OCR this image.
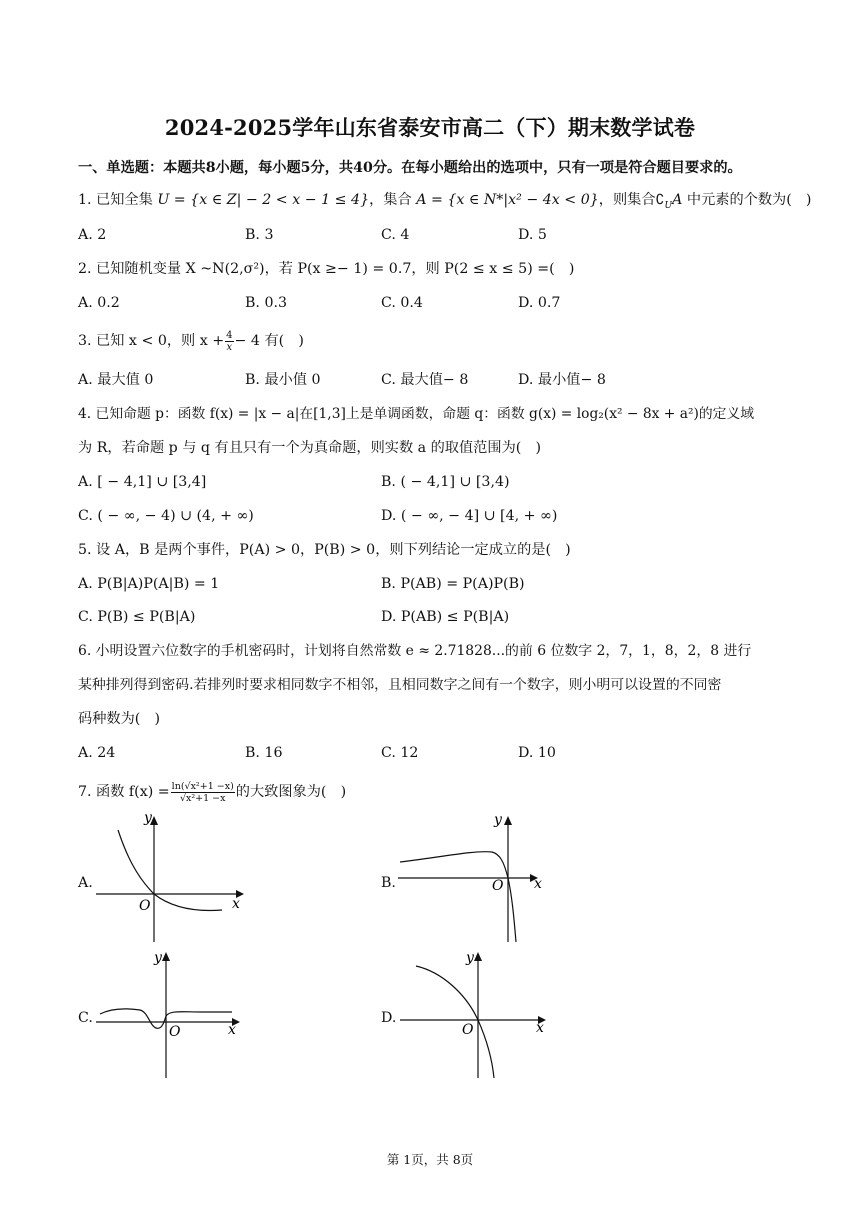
2024-2025学年山东省泰安市高二（下）期末数学试卷
一、单选题：本题共8小题，每小题5分，共40分。在每小题给出的选项中，只有一项是符合题目要求的。
1. 已知全集 U = {x ∈ Z| − 2 < x − 1 ≤ 4}，集合 A = {x ∈ N*|x² − 4x < 0}，则集合$∁_UA$ 中元素的个数为(　)
A. 2	B. 3	C. 4	D. 5
2. 已知随机变量 X ~N(2,σ²)，若 P(x ≥− 1) = 0.7，则 P(2 ≤ x ≤ 5) =(　)
A. 0.2	B. 0.3	C. 0.4	D. 0.7
3. 已知 x < 0，则 $x + \frac{4}{x} - 4$ 有(　)
A. 最大值 0	B. 最小值 0	C. 最大值− 8	D. 最小值− 8
4. 已知命题 p：函数 f(x) = |x − a|在[1,3]上是单调函数，命题 q：函数 g(x) = log₂(x² − 8x + a²)的定义域
为 R，若命题 p 与 q 有且只有一个为真命题，则实数 a 的取值范围为(　)
A. [ − 4,1] ∪ [3,4]	B. ( − 4,1] ∪ [3,4)
C. ( − ∞, − 4) ∪ (4, + ∞)	D. ( − ∞, − 4] ∪ [4, + ∞)
5. 设 A，B 是两个事件，P(A) > 0，P(B) > 0，则下列结论一定成立的是(　)
A. P(B|A)P(A|B) = 1	B. P(AB) = P(A)P(B)
C. P(B) ≤ P(B|A)	D. P(AB) ≤ P(B|A)
6. 小明设置六位数字的手机密码时，计划将自然常数 e ≈ 2.71828...的前 6 位数字 2，7，1，8，2，8 进行
某种排列得到密码.若排列时要求相同数字不相邻，且相同数字之间有一个数字，则小明可以设置的不同密
码种数为(　)
A. 24	B. 16	C. 12	D. 10
7. 函数 $f(x) = \frac{\text{ln(√x²+1 −x)}}{\text{√x²+1 −x}}$ 的大致图象为(　)
A.
y
x
O
B.
y
x
O
C.
y
x
O
D.
y
x
O
第 1页，共 8页
